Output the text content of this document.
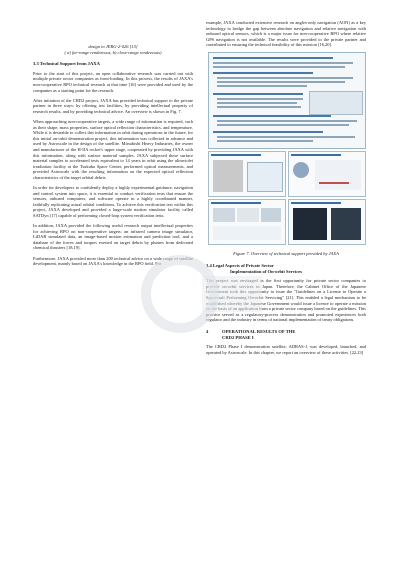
design in JERG-2-026 [15]

( a) far-range rendezvous, b) close-range rendezvous)

3.3 Technical Support from JAXA

Prior to the start of this project, an open collaborative research was carried out with multiple private sector companies as front-loading. In this process, the results of JAXA's non-cooperative RPO technical research at that time [16] were provided and used by the companies as a starting point for the research.

After initiation of the CRD2 project, JAXA has provided technical support to the private partner in three ways: by offering test facilities, by providing intellectual property of research results, and by providing technical advice. An overview is shown in Fig. 7.

When approaching non-cooperative targets, a wide range of information is required, such as their shape, mass properties, surface optical reflection characteristics, and temperature. While it is desirable to collect this information in orbit during operations in the future, for this initial on-orbit demonstration project, this information was collected in advance and used by Astroscale in the design of the satellite. Mitsubishi Heavy Industries, the owner and manufacturer of the H-IIA rocket's upper stage, cooperated by providing JAXA with this information, along with surface material samples. JAXA subjected these surface material samples to accelerated tests equivalent to 14 years in orbit using the ultraviolet irradiation facility at the Tsukuba Space Center, performed optical measurements, and provided Astroscale with the resulting information on the expected optical reflection characteristics of the target orbital debris.

In order for developers to confidently deploy a highly experimental guidance, navigation and control system into space, it is essential to conduct verification tests that ensure the sensors, onboard computers, and software operate in a highly coordinated manner, faithfully replicating actual orbital conditions. To achieve this verification test within this project, JAXA developed and provided a large-scale motion simulator facility called SATDyn [17] capable of performing closed-loop system verification tests.

In addition, JAXA provided the following useful research output intellectual properties for achieving RPO on non-cooperative targets: an infrared camera image simulator, LiDAR simulated data, an image-based motion estimation and prediction tool, and a database of the forces and torques exerted on target debris by plumes from dedicated chemical thrusters [18,19].

Furthermore, JAXA provided more than 200 technical advice on a wide range of satellite development, mainly based on JAXA's knowledge in the RPO field. For

example, JAXA conducted extensive research on angles-only navigation (AON) as a key technology to bridge the gap between absolute navigation and relative navigation with onboard optical sensors, which is a major issue for non-cooperative RPO where relative GPS navigation is not available. The results were provided to the private partner and contributed to ensuring the technical feasibility of this mission [16,20].

Figure 7. Overview of technical support provided by JAXA

3.4 Legal Aspects of Private Sector
Implementation of On-orbit Services

This project was envisaged as the first opportunity for private sector companies to provide on-orbit services in Japan. Therefore, the Cabinet Office of the Japanese Government took this opportunity to issue the "Guidelines on a License to Operate a Spacecraft Performing On-orbit Servicing" [21]. This enabled a legal mechanism to be established whereby the Japanese Government would issue a licence to operate a mission on the basis of an application from a private sector company based on the guidelines. This practice served as a regulatory-process demonstration and promoted experiences both regulator and the industry in terms of national implementation of treaty obligations.

4	OPERATIONAL RESULTS OF THE
CRD2 PHASE I

The CRD2 Phase I demonstration satellite, ADRAS-J, was developed, launched, and operated by Astroscale. In this chapter, we report an overview of these activities. [22,23]
